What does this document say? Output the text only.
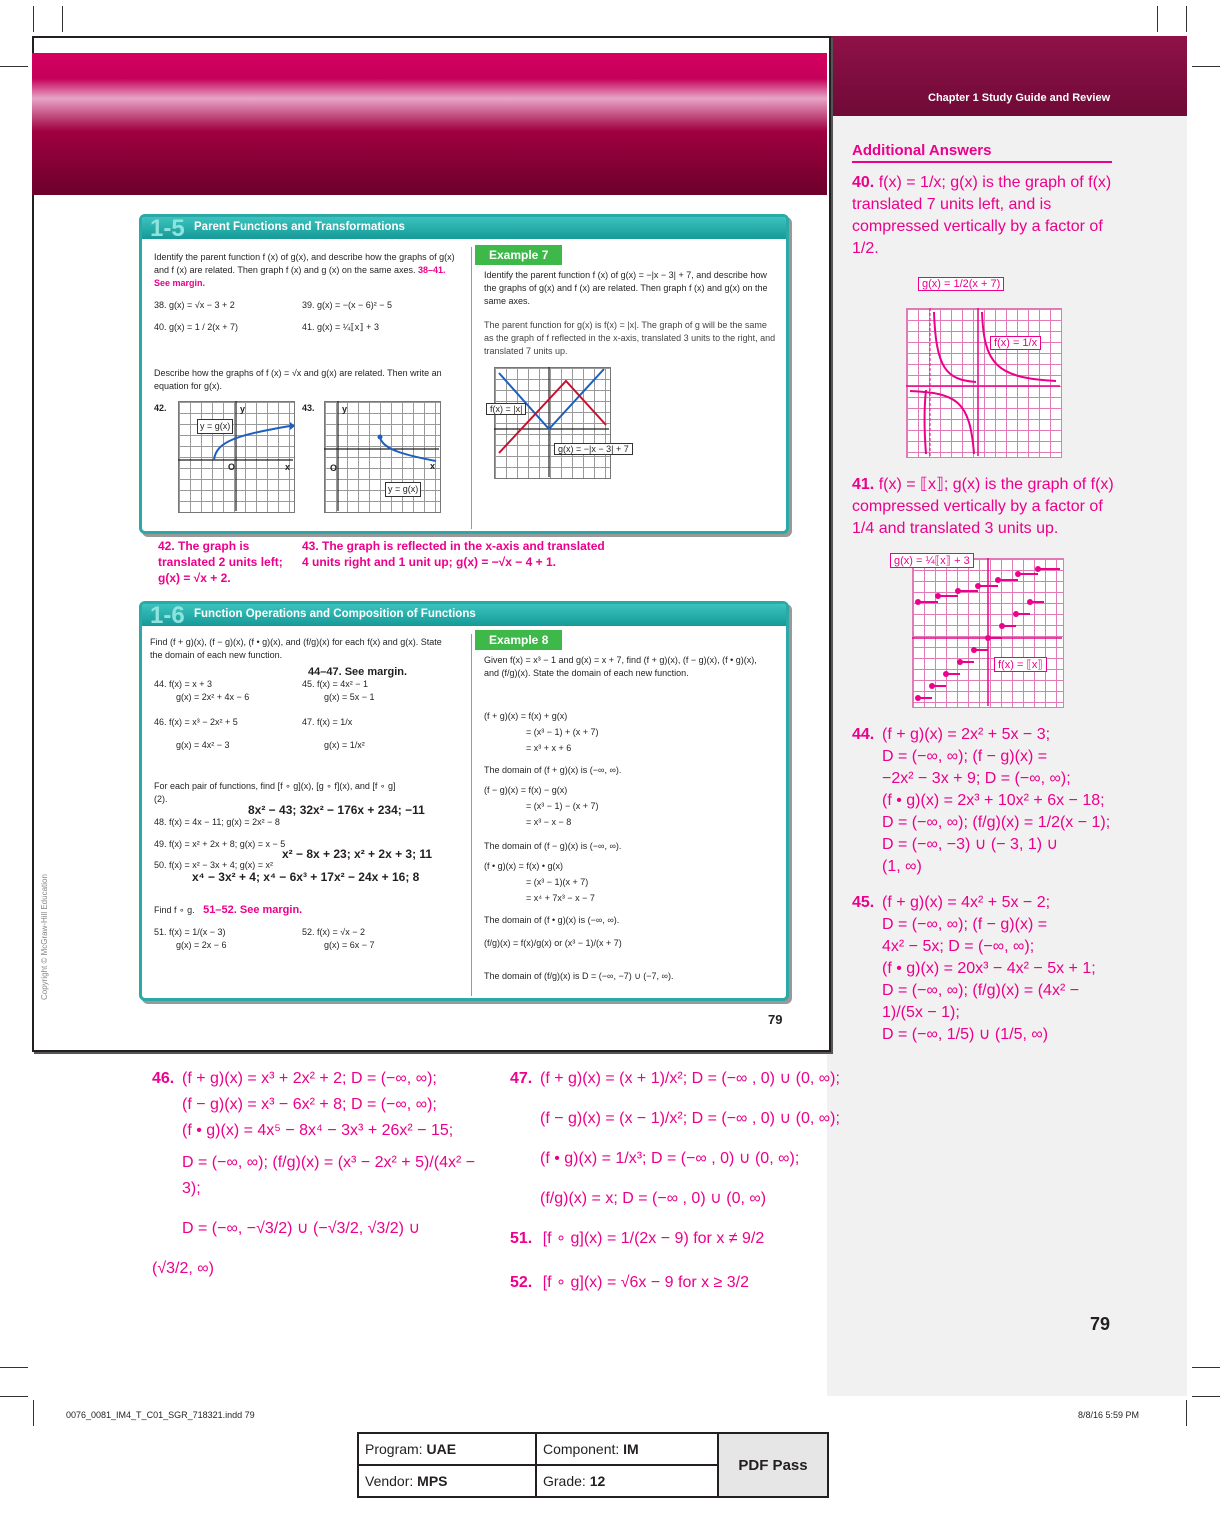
Chapter 1 Study Guide and Review
Copyright © McGraw-Hill Education
79
1-5 Parent Functions and Transformations
Identify the parent function f (x) of g(x), and describe how the graphs of g(x) and f (x) are related. Then graph f (x) and g (x) on the same axes. 38–41. See margin.
38. g(x) = √x − 3 + 2	39. g(x) = −(x − 6)² − 5
40. g(x) = 1 / 2(x + 7)	41. g(x) = ¼⟦x⟧ + 3
Describe how the graphs of f (x) = √x and g(x) are related. Then write an equation for g(x).
42.	43.
y = g(x)
O	x
y
y = g(x)
O	x
y
Example 7
Identify the parent function f (x) of g(x) = −|x − 3| + 7, and describe how the graphs of g(x) and f (x) are related. Then graph f (x) and g(x) on the same axes.
The parent function for g(x) is f(x) = |x|. The graph of g will be the same as the graph of f reflected in the x-axis, translated 3 units to the right, and translated 7 units up.
f(x) = |x|
g(x) = −|x − 3| + 7
42. The graph is translated 2 units left; g(x) = √x + 2.
43. The graph is reflected in the x-axis and translated 4 units right and 1 unit up; g(x) = −√x − 4 + 1.
1-6 Function Operations and Composition of Functions
Find (f + g)(x), (f − g)(x), (f • g)(x), and (f/g)(x) for each f(x) and g(x). State the domain of each new function.
44–47. See margin.
44. f(x) = x + 3
g(x) = 2x² + 4x − 6
45. f(x) = 4x² − 1
g(x) = 5x − 1
46. f(x) = x³ − 2x² + 5
g(x) = 4x² − 3
47. f(x) = 1/x
g(x) = 1/x²
For each pair of functions, find [f ∘ g](x), [g ∘ f](x), and [f ∘ g](2).
8x² − 43; 32x² − 176x + 234; −11
48. f(x) = 4x − 11; g(x) = 2x² − 8
49. f(x) = x² + 2x + 8; g(x) = x − 5
x² − 8x + 23; x² + 2x + 3; 11
50. f(x) = x² − 3x + 4; g(x) = x²
x⁴ − 3x² + 4; x⁴ − 6x³ + 17x² − 24x + 16; 8
Find f ∘ g. 51–52. See margin.
51. f(x) = 1/(x − 3)
g(x) = 2x − 6
52. f(x) = √x − 2
g(x) = 6x − 7
Example 8
Given f(x) = x³ − 1 and g(x) = x + 7, find (f + g)(x), (f − g)(x), (f • g)(x), and (f/g)(x). State the domain of each new function.
(f + g)(x) = f(x) + g(x)
= (x³ − 1) + (x + 7)
= x³ + x + 6
The domain of (f + g)(x) is (−∞, ∞).
(f − g)(x) = f(x) − g(x)
= (x³ − 1) − (x + 7)
= x³ − x − 8
The domain of (f − g)(x) is (−∞, ∞).
(f • g)(x) = f(x) • g(x)
= (x³ − 1)(x + 7)
= x⁴ + 7x³ − x − 7
The domain of (f • g)(x) is (−∞, ∞).
(f/g)(x) = f(x)/g(x) or (x³ − 1)/(x + 7)
The domain of (f/g)(x) is D = (−∞, −7) ∪ (−7, ∞).
Additional Answers
40. f(x) = 1/x; g(x) is the graph of f(x) translated 7 units left, and is compressed vertically by a factor of 1/2.
g(x) = 1/2(x + 7)
f(x) = 1/x
41. f(x) = ⟦x⟧; g(x) is the graph of f(x) compressed vertically by a factor of 1/4 and translated 3 units up.
g(x) = ¼⟦x⟧ + 3
f(x) = ⟦x⟧
44. (f + g)(x) = 2x² + 5x − 3;
D = (−∞, ∞); (f − g)(x) =
−2x² − 3x + 9; D = (−∞, ∞);
(f • g)(x) = 2x³ + 10x² + 6x − 18;
D = (−∞, ∞); (f/g)(x) = 1/2(x − 1);
D = (−∞, −3) ∪ (− 3, 1) ∪
(1, ∞)
45. (f + g)(x) = 4x² + 5x − 2;
D = (−∞, ∞); (f − g)(x) =
4x² − 5x; D = (−∞, ∞);
(f • g)(x) = 20x³ − 4x² − 5x + 1;
D = (−∞, ∞); (f/g)(x) = (4x² − 1)/(5x − 1);
D = (−∞, 1/5) ∪ (1/5, ∞)
46. (f + g)(x) = x³ + 2x² + 2; D = (−∞, ∞);
(f − g)(x) = x³ − 6x² + 8; D = (−∞, ∞);
(f • g)(x) = 4x⁵ − 8x⁴ − 3x³ + 26x² − 15;
D = (−∞, ∞); (f/g)(x) = (x³ − 2x² + 5)/(4x² − 3);
D = (−∞, −√3/2) ∪ (−√3/2, √3/2) ∪
(√3/2, ∞)
47. (f + g)(x) = (x + 1)/x²; D = (−∞ , 0) ∪ (0, ∞);
(f − g)(x) = (x − 1)/x²; D = (−∞ , 0) ∪ (0, ∞);
(f • g)(x) = 1/x³; D = (−∞ , 0) ∪ (0, ∞);
(f/g)(x) = x; D = (−∞ , 0) ∪ (0, ∞)
51. [f ∘ g](x) = 1/(2x − 9) for x ≠ 9/2
52. [f ∘ g](x) = √6x − 9 for x ≥ 3/2
79
0076_0081_IM4_T_C01_SGR_718321.indd 79	8/8/16 5:59 PM
Program: UAE	Component: IM	PDF Pass
Vendor: MPS	Grade: 12	
